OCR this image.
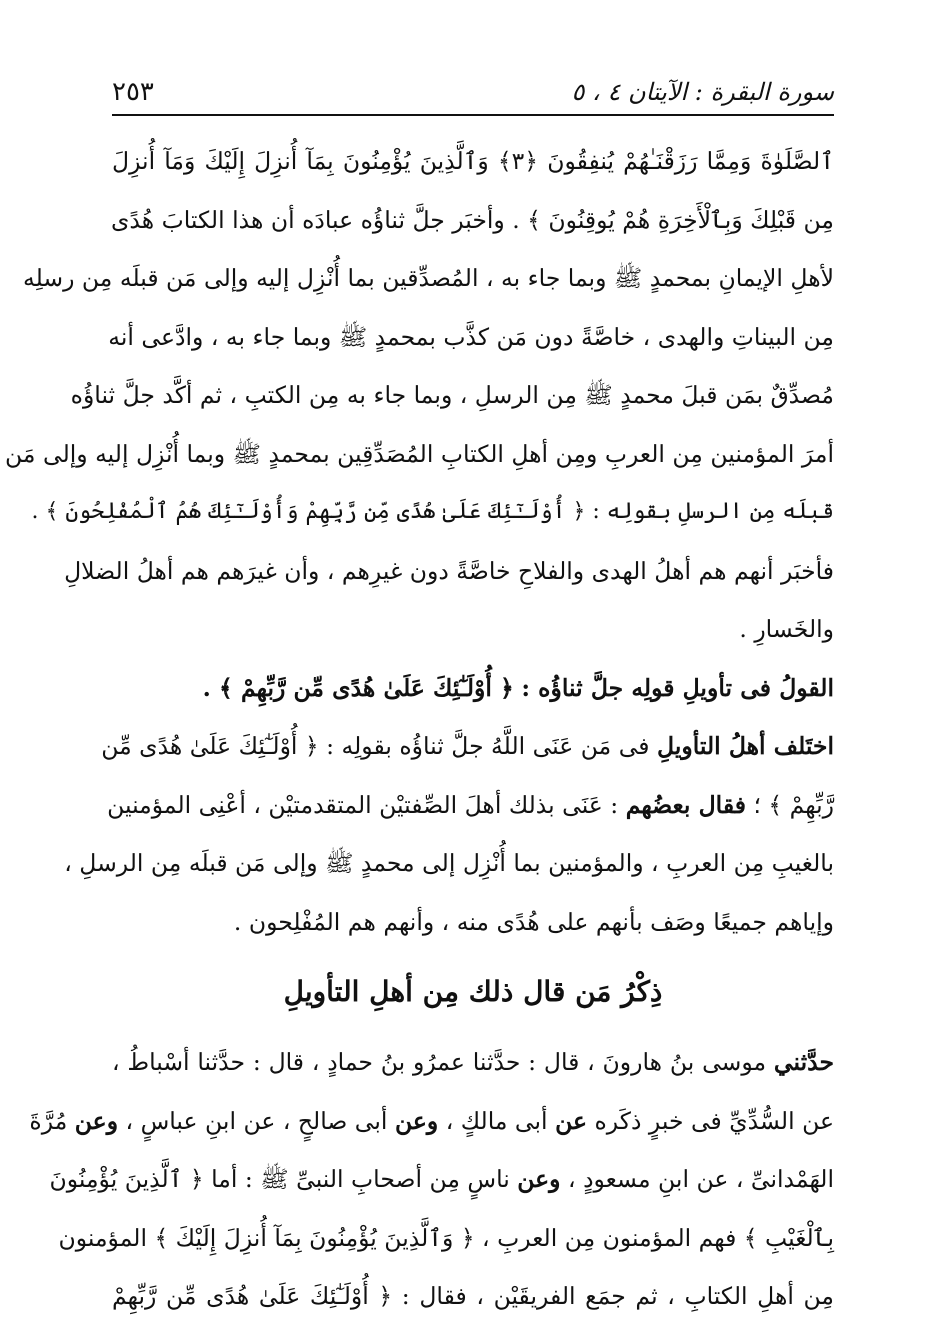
سورة البقرة : الآيتان ٤ ، ٥
٢٥٣
ٱلصَّلَوٰةَ وَمِمَّا رَزَقْنَـٰهُمْ يُنفِقُونَ ﴿٣﴾ وَٱلَّذِينَ يُؤْمِنُونَ بِمَآ أُنزِلَ إِلَيْكَ وَمَآ أُنزِلَ
مِن قَبْلِكَ وَبِٱلْأَخِرَةِ هُمْ يُوقِنُونَ ﴾ . وأخبَر جلَّ ثناؤُه عبادَه أن هذا الكتابَ هُدًى
لأهلِ الإيمانِ بمحمدٍ ﷺ وبما جاء به ، المُصدِّقين بما أُنْزِل إليه وإلى مَن قبلَه مِن رسلِه
مِن البيناتِ والهدى ، خاصَّةً دون مَن كذَّب بمحمدٍ ﷺ وبما جاء به ، وادَّعى أنه
مُصدِّقٌ بمَن قبلَ محمدٍ ﷺ مِن الرسلِ ، وبما جاء به مِن الكتبِ ، ثم أكَّد جلَّ ثناؤُه
أمرَ المؤمنين مِن العربِ ومِن أهلِ الكتابِ المُصَدِّقِين بمحمدٍ ﷺ وبما أُنْزِل إليه وإلى مَن
قبلَه مِن الرسلِ بقولِه : ﴿ أُوْلَـٰٓئِكَ عَلَىٰ هُدًى مِّن رَّبِّهِمْ وَأُوْلَـٰٓئِكَ هُمُ ٱلْمُفْلِحُونَ ﴾ .
فأخبَر أنهم هم أهلُ الهدى والفلاحِ خاصَّةً دون غيرِهم ، وأن غيرَهم هم أهلُ الضلالِ
والخَسارِ .
القولُ فى تأويلِ قولِه جلَّ ثناؤُه : ﴿ أُوْلَـٰٓئِكَ عَلَىٰ هُدًى مِّن رَّبِّهِمْ ﴾ .
اختَلف أهلُ التأويلِ فى مَن عَنَى اللَّهُ جلَّ ثناؤُه بقولِه : ﴿ أُوْلَـٰٓئِكَ عَلَىٰ هُدًى مِّن
رَّبِّهِمْ ﴾ ؛ فقال بعضُهم : عَنَى بذلك أهلَ الصِّفتيْن المتقدمتيْن ، أعْنِى المؤمنين
بالغيبِ مِن العربِ ، والمؤمنين بما أُنْزِل إلى محمدٍ ﷺ وإلى مَن قبلَه مِن الرسلِ ،
وإياهم جميعًا وصَف بأنهم على هُدًى منه ، وأنهم هم المُفْلِحون .
ذِكْرُ مَن قال ذلك مِن أهلِ التأويلِ
حدَّثني موسى بنُ هارونَ ، قال : حدَّثنا عمرُو بنُ حمادٍ ، قال : حدَّثنا أسْباطُ ،
عن السُّدِّيِّ فى خبرٍ ذكَره عن أبى مالكٍ ، وعن أبى صالحٍ ، عن ابنِ عباسٍ ، وعن مُرَّةَ
الهَمْدانىِّ ، عن ابنِ مسعودٍ ، وعن ناسٍ مِن أصحابِ النبىِّ ﷺ : أما ﴿ ٱلَّذِينَ يُؤْمِنُونَ
بِٱلْغَيْبِ ﴾ فهم المؤمنون مِن العربِ ، ﴿ وَٱلَّذِينَ يُؤْمِنُونَ بِمَآ أُنزِلَ إِلَيْكَ ﴾ المؤمنون
مِن أهلِ الكتابِ ، ثم جمَع الفريقَيْن ، فقال : ﴿ أُوْلَـٰٓئِكَ عَلَىٰ هُدًى مِّن رَّبِّهِمْ
